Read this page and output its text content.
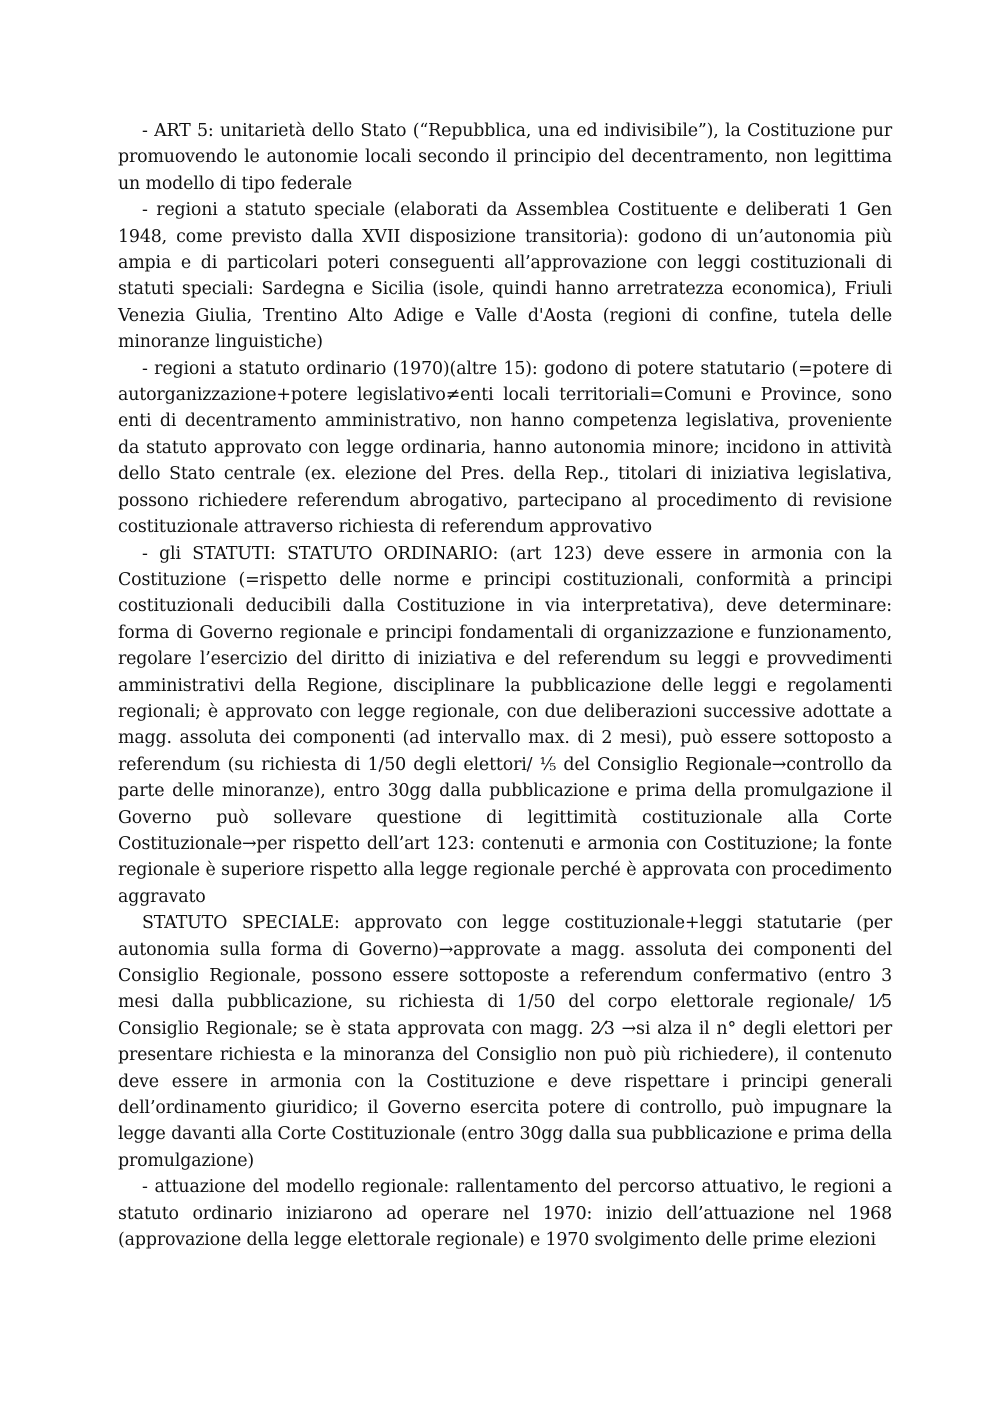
- ART 5: unitarietà dello Stato (“Repubblica, una ed indivisibile”), la Costituzione pur promuovendo le autonomie locali secondo il principio del decentramento, non legittima un modello di tipo federale

- regioni a statuto speciale (elaborati da Assemblea Costituente e deliberati 1 Gen 1948, come previsto dalla XVII disposizione transitoria): godono di un’autonomia più ampia e di particolari poteri conseguenti all’approvazione con leggi costituzionali di statuti speciali: Sardegna e Sicilia (isole, quindi hanno arretratezza economica), Friuli Venezia Giulia, Trentino Alto Adige e Valle d'Aosta (regioni di confine, tutela delle minoranze linguistiche)

- regioni a statuto ordinario (1970)(altre 15): godono di potere statutario (=potere di autorganizzazione+potere legislativo≠enti locali territoriali=Comuni e Province, sono enti di decentramento amministrativo, non hanno competenza legislativa, proveniente da statuto approvato con legge ordinaria, hanno autonomia minore; incidono in attività dello Stato centrale (ex. elezione del Pres. della Rep., titolari di iniziativa legislativa, possono richiedere referendum abrogativo, partecipano al procedimento di revisione costituzionale attraverso richiesta di referendum approvativo

- gli STATUTI: STATUTO ORDINARIO: (art 123) deve essere in armonia con la Costituzione (=rispetto delle norme e principi costituzionali, conformità a principi costituzionali deducibili dalla Costituzione in via interpretativa), deve determinare: forma di Governo regionale e principi fondamentali di organizzazione e funzionamento, regolare l’esercizio del diritto di iniziativa e del referendum su leggi e provvedimenti amministrativi della Regione, disciplinare la pubblicazione delle leggi e regolamenti regionali; è approvato con legge regionale, con due deliberazioni successive adottate a magg. assoluta dei componenti (ad intervallo max. di 2 mesi), può essere sottoposto a referendum (su richiesta di 1/50 degli elettori/ ⅕ del Consiglio Regionale→controllo da parte delle minoranze), entro 30gg dalla pubblicazione e prima della promulgazione il Governo può sollevare questione di legittimità costituzionale alla Corte Costituzionale→per rispetto dell’art 123: contenuti e armonia con Costituzione; la fonte regionale è superiore rispetto alla legge regionale perché è approvata con procedimento aggravato

STATUTO SPECIALE: approvato con legge costituzionale+leggi statutarie (per autonomia sulla forma di Governo)→approvate a magg. assoluta dei componenti del Consiglio Regionale, possono essere sottoposte a referendum confermativo (entro 3 mesi dalla pubblicazione, su richiesta di 1/50 del corpo elettorale regionale/ 1⁄5 Consiglio Regionale; se è stata approvata con magg. 2⁄3 →si alza il n° degli elettori per presentare richiesta e la minoranza del Consiglio non può più richiedere), il contenuto deve essere in armonia con la Costituzione e deve rispettare i principi generali dell’ordinamento giuridico; il Governo esercita potere di controllo, può impugnare la legge davanti alla Corte Costituzionale (entro 30gg dalla sua pubblicazione e prima della promulgazione)

- attuazione del modello regionale: rallentamento del percorso attuativo, le regioni a statuto ordinario iniziarono ad operare nel 1970: inizio dell’attuazione nel 1968 (approvazione della legge elettorale regionale) e 1970 svolgimento delle prime elezioni
